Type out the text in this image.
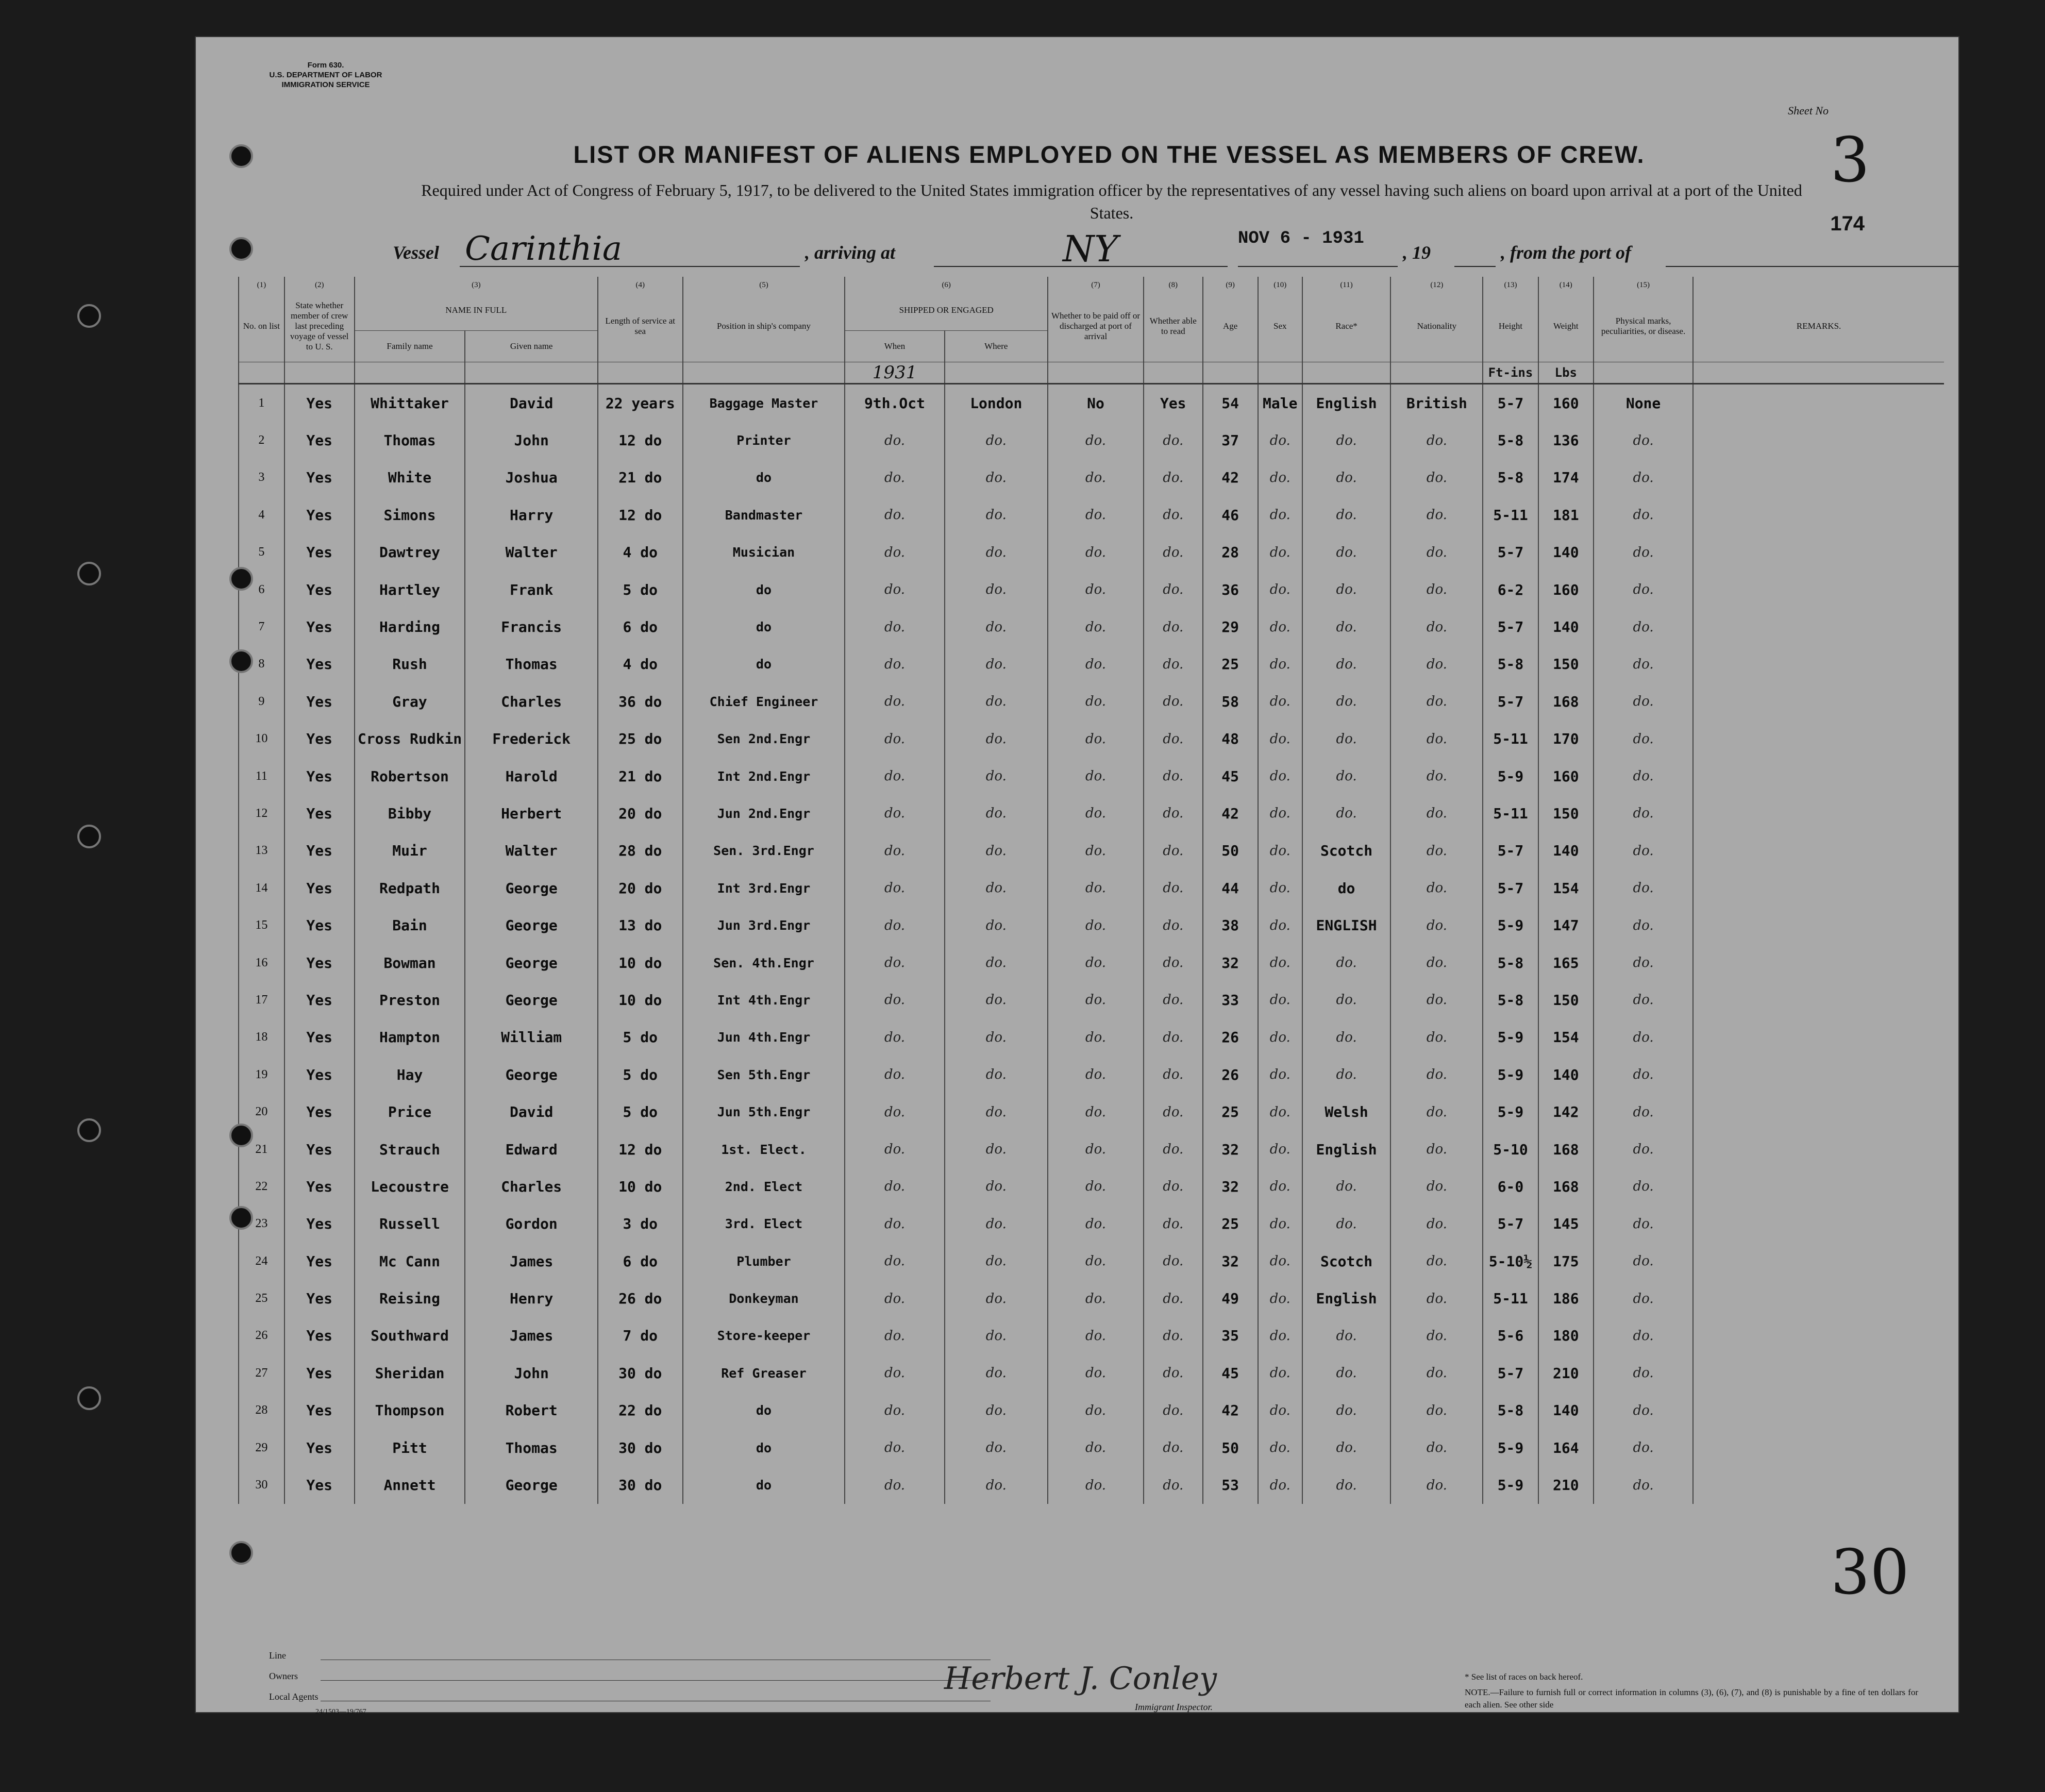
Form 630.
U.S. DEPARTMENT OF LABOR
IMMIGRATION SERVICE
Sheet No
3
174
LIST OR MANIFEST OF ALIENS EMPLOYED ON THE VESSEL AS MEMBERS OF CREW.
Required under Act of Congress of February 5, 1917, to be delivered to the United States immigration officer by the representatives of any vessel having such aliens on board upon arrival at a port of the United States.
Vessel Carinthia	, arriving at	NY	NOV 6 - 1931
, 19	, from the port of
(1)	(2)	(3)		(4)	(5)	(6)		(7)	(8)	(9)	(10)	(11)	(12)	(13)	(14)	(15)	
No. on list	State whether member of crew last preceding voyage of vessel to U. S.	NAME IN FULL		Length of service at sea	Position in ship's company	SHIPPED OR ENGAGED		Whether to be paid off or discharged at port of arrival	Whether able to read	Age	Sex	Race*	Nationality	Height	Weight	Physical marks, peculiarities, or disease.	REMARKS.
		Family name	Given name			When	Where										
						1931								Ft-ins	Lbs		
1	Yes	Whittaker	David	22 years	Baggage Master	9th.Oct	London	No	Yes	54	Male	English	British	5-7	160	None	
2	Yes	Thomas	John	12 do	Printer	do.	do.	do.	do.	37	do.	do.	do.	5-8	136	do.	
3	Yes	White	Joshua	21 do	do	do.	do.	do.	do.	42	do.	do.	do.	5-8	174	do.	
4	Yes	Simons	Harry	12 do	Bandmaster	do.	do.	do.	do.	46	do.	do.	do.	5-11	181	do.	
5	Yes	Dawtrey	Walter	4 do	Musician	do.	do.	do.	do.	28	do.	do.	do.	5-7	140	do.	
6	Yes	Hartley	Frank	5 do	do	do.	do.	do.	do.	36	do.	do.	do.	6-2	160	do.	
7	Yes	Harding	Francis	6 do	do	do.	do.	do.	do.	29	do.	do.	do.	5-7	140	do.	
8	Yes	Rush	Thomas	4 do	do	do.	do.	do.	do.	25	do.	do.	do.	5-8	150	do.	
9	Yes	Gray	Charles	36 do	Chief Engineer	do.	do.	do.	do.	58	do.	do.	do.	5-7	168	do.	
10	Yes	Cross Rudkin	Frederick	25 do	Sen 2nd.Engr	do.	do.	do.	do.	48	do.	do.	do.	5-11	170	do.	
11	Yes	Robertson	Harold	21 do	Int 2nd.Engr	do.	do.	do.	do.	45	do.	do.	do.	5-9	160	do.	
12	Yes	Bibby	Herbert	20 do	Jun 2nd.Engr	do.	do.	do.	do.	42	do.	do.	do.	5-11	150	do.	
13	Yes	Muir	Walter	28 do	Sen. 3rd.Engr	do.	do.	do.	do.	50	do.	Scotch	do.	5-7	140	do.	
14	Yes	Redpath	George	20 do	Int 3rd.Engr	do.	do.	do.	do.	44	do.	do	do.	5-7	154	do.	
15	Yes	Bain	George	13 do	Jun 3rd.Engr	do.	do.	do.	do.	38	do.	ENGLISH	do.	5-9	147	do.	
16	Yes	Bowman	George	10 do	Sen. 4th.Engr	do.	do.	do.	do.	32	do.	do.	do.	5-8	165	do.	
17	Yes	Preston	George	10 do	Int 4th.Engr	do.	do.	do.	do.	33	do.	do.	do.	5-8	150	do.	
18	Yes	Hampton	William	5 do	Jun 4th.Engr	do.	do.	do.	do.	26	do.	do.	do.	5-9	154	do.	
19	Yes	Hay	George	5 do	Sen 5th.Engr	do.	do.	do.	do.	26	do.	do.	do.	5-9	140	do.	
20	Yes	Price	David	5 do	Jun 5th.Engr	do.	do.	do.	do.	25	do.	Welsh	do.	5-9	142	do.	
21	Yes	Strauch	Edward	12 do	1st. Elect.	do.	do.	do.	do.	32	do.	English	do.	5-10	168	do.	
22	Yes	Lecoustre	Charles	10 do	2nd. Elect	do.	do.	do.	do.	32	do.	do.	do.	6-0	168	do.	
23	Yes	Russell	Gordon	3 do	3rd. Elect	do.	do.	do.	do.	25	do.	do.	do.	5-7	145	do.	
24	Yes	Mc Cann	James	6 do	Plumber	do.	do.	do.	do.	32	do.	Scotch	do.	5-10½	175	do.	
25	Yes	Reising	Henry	26 do	Donkeyman	do.	do.	do.	do.	49	do.	English	do.	5-11	186	do.	
26	Yes	Southward	James	7 do	Store-keeper	do.	do.	do.	do.	35	do.	do.	do.	5-6	180	do.	
27	Yes	Sheridan	John	30 do	Ref Greaser	do.	do.	do.	do.	45	do.	do.	do.	5-7	210	do.	
28	Yes	Thompson	Robert	22 do	do	do.	do.	do.	do.	42	do.	do.	do.	5-8	140	do.	
29	Yes	Pitt	Thomas	30 do	do	do.	do.	do.	do.	50	do.	do.	do.	5-9	164	do.	
30	Yes	Annett	George	30 do	do	do.	do.	do.	do.	53	do.	do.	do.	5-9	210	do.	
30
Line
Owners
Local Agents
24/1503—19/767
Herbert J. Conley
Immigrant Inspector.
* See list of races on back hereof.
NOTE.—Failure to furnish full or correct information in columns (3), (6), (7), and (8) is punishable by a fine of ten dollars for each alien. See other side
